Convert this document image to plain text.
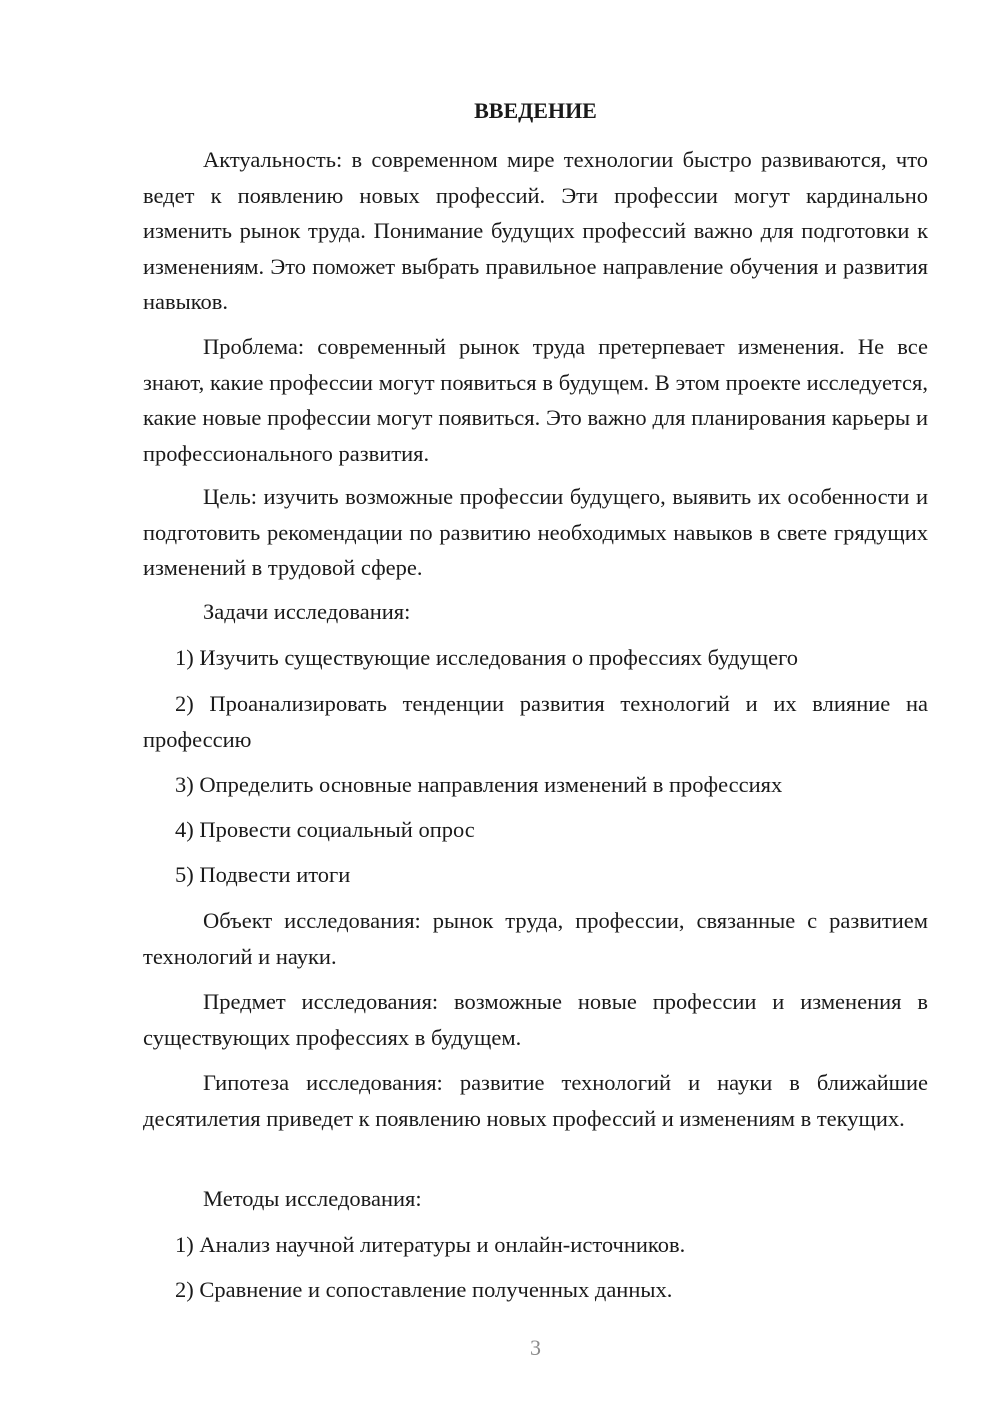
ВВЕДЕНИЕ

Актуальность: в современном мире технологии быстро развиваются, что ведет к появлению новых профессий. Эти профессии могут кардинально изменить рынок труда. Понимание будущих профессий важно для подготовки к изменениям. Это поможет выбрать правильное направление обучения и развития навыков.

Проблема: современный рынок труда претерпевает изменения. Не все знают, какие профессии могут появиться в будущем. В этом проекте исследуется, какие новые профессии могут появиться. Это важно для планирования карьеры и профессионального развития.

Цель: изучить возможные профессии будущего, выявить их особенности и подготовить рекомендации по развитию необходимых навыков в свете грядущих изменений в трудовой сфере.

Задачи исследования:

1) Изучить существующие исследования о профессиях будущего

2) Проанализировать тенденции развития технологий и их влияние на профессию

3) Определить основные направления изменений в профессиях

4) Провести социальный опрос

5) Подвести итоги

Объект исследования: рынок труда, профессии, связанные с развитием технологий и науки.

Предмет исследования: возможные новые профессии и изменения в существующих профессиях в будущем.

Гипотеза исследования: развитие технологий и науки в ближайшие десятилетия приведет к появлению новых профессий и изменениям в текущих.

Методы исследования:

1) Анализ научной литературы и онлайн-источников.

2) Сравнение и сопоставление полученных данных.

3
